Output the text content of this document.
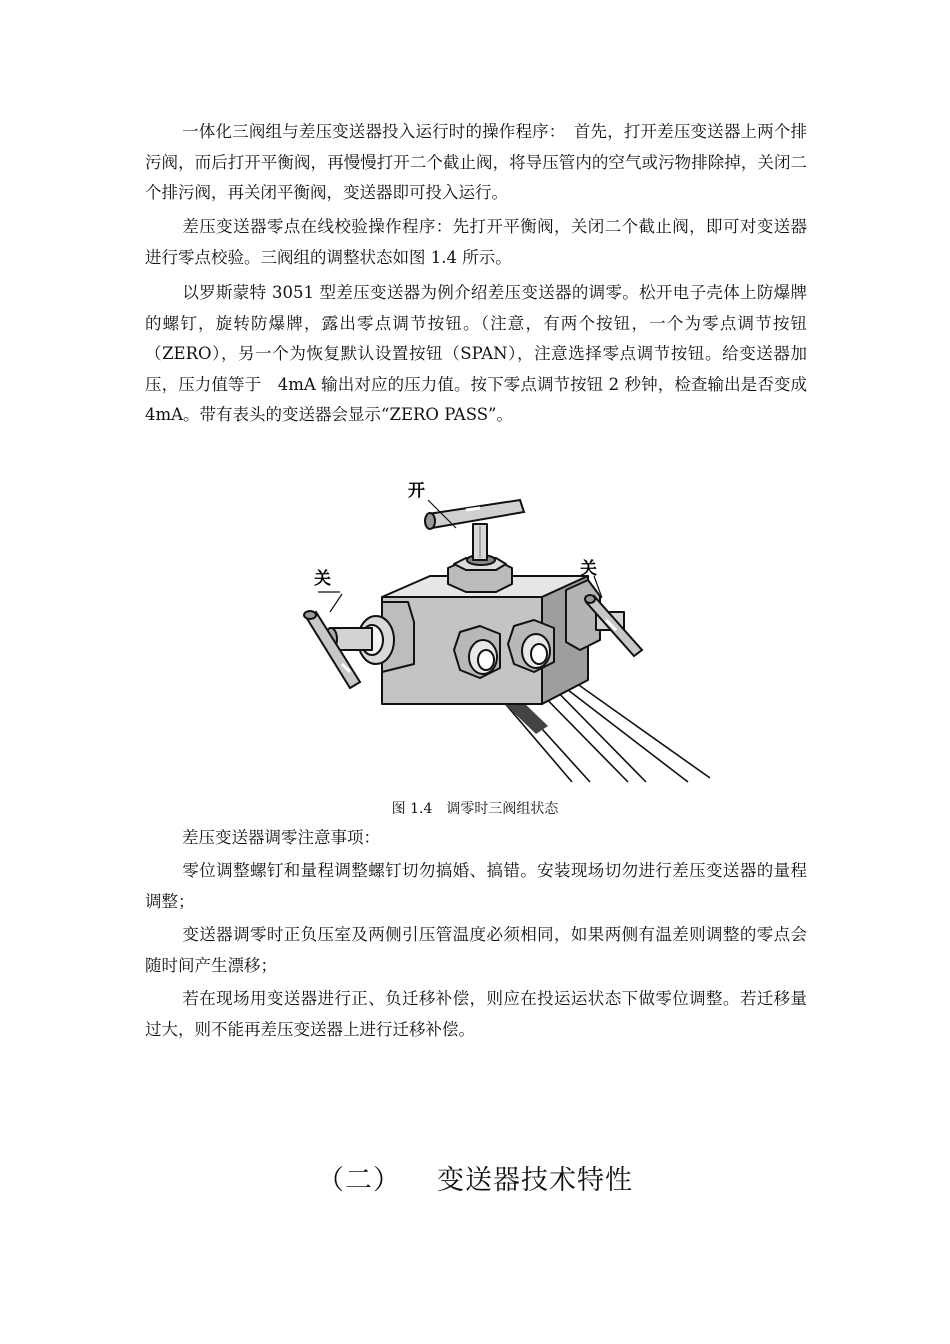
一体化三阀组与差压变送器投入运行时的操作程序：　首先，打开差压变送器上两个排污阀，而后打开平衡阀，再慢慢打开二个截止阀，将导压管内的空气或污物排除掉，关闭二个排污阀，再关闭平衡阀，变送器即可投入运行。

差压变送器零点在线校验操作程序：先打开平衡阀，关闭二个截止阀，即可对变送器进行零点校验。三阀组的调整状态如图 1.4 所示。

以罗斯蒙特 3051 型差压变送器为例介绍差压变送器的调零。松开电子壳体上防爆牌的螺钉，旋转防爆牌，露出零点调节按钮。（注意，有两个按钮，一个为零点调节按钮　（ZERO），另一个为恢复默认设置按钮（SPAN），注意选择零点调节按钮。给变送器加压，压力值等于　4mA 输出对应的压力值。按下零点调节按钮 2 秒钟，检查输出是否变成 4mA。带有表头的变送器会显示“ZERO PASS”。

开
关	关
图 1.4　调零时三阀组状态

差压变送器调零注意事项：

零位调整螺钉和量程调整螺钉切勿搞婚、搞错。安装现场切勿进行差压变送器的量程调整；

变送器调零时正负压室及两侧引压管温度必须相同，如果两侧有温差则调整的零点会随时间产生漂移；

若在现场用变送器进行正、负迁移补偿，则应在投运运状态下做零位调整。若迁移量过大，则不能再差压变送器上进行迁移补偿。

（二） 变送器技术特性
